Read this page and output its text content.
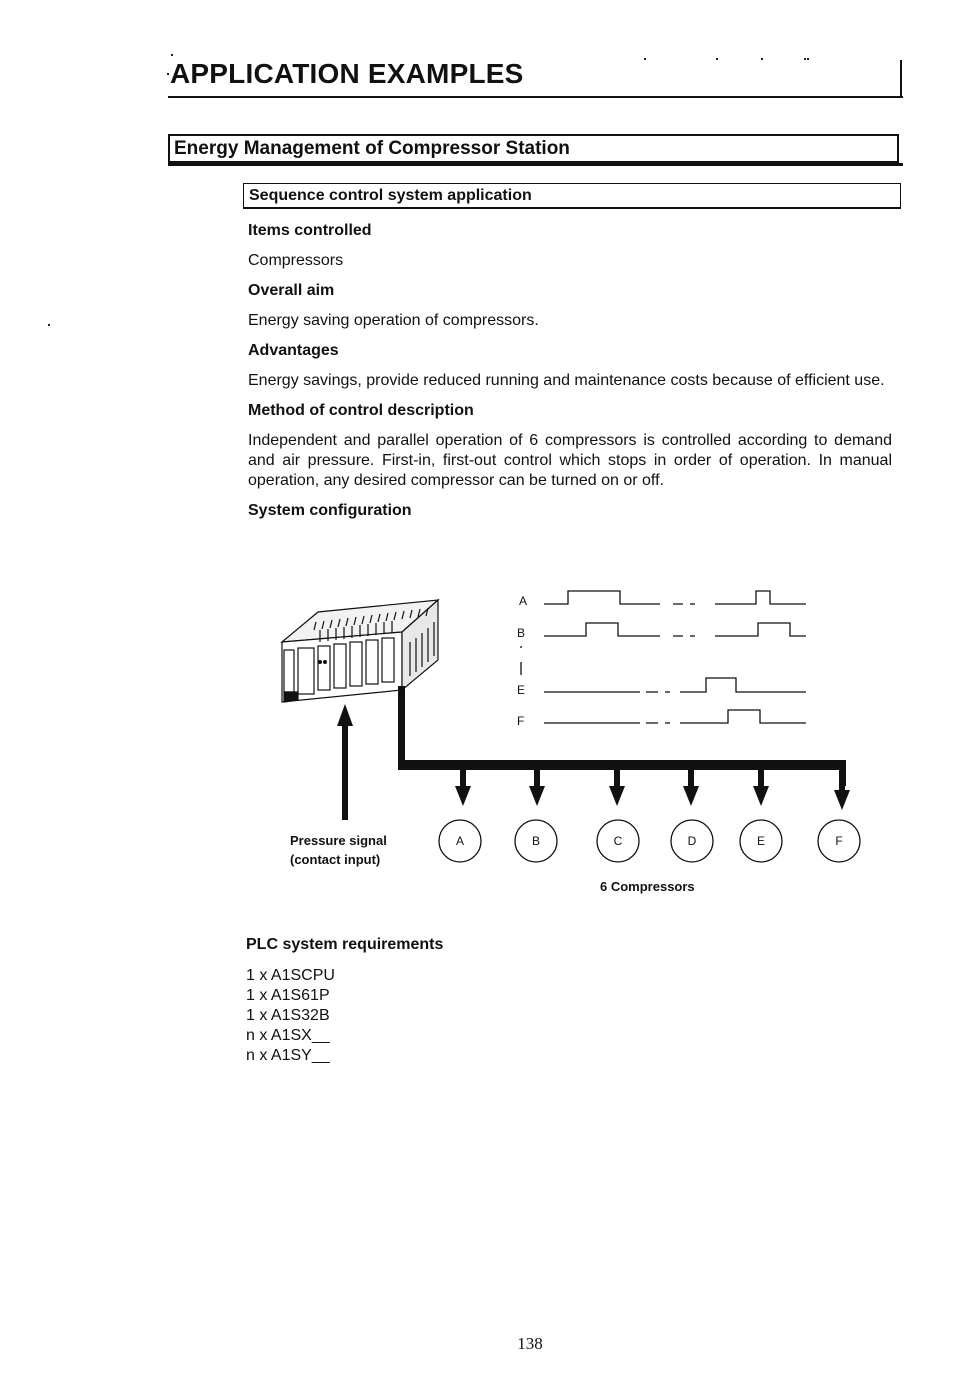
APPLICATION EXAMPLES
Energy Management of Compressor Station
Sequence control system application

Items controlled

Compressors

Overall aim

Energy saving operation of compressors.

Advantages

Energy savings, provide reduced running and maintenance costs because of efficient use.

Method of control description

Independent and parallel operation of 6 compressors is controlled according to demand and air pressure. First-in, first-out control which stops in order of operation. In manual operation, any desired compressor can be turned on or off.

System configuration

A
B
E
F
A	B	C	D	E	F
Pressure signal
(contact input)
6 Compressors
PLC system requirements
1 x A1SCPU
1 x A1S61P
1 x A1S32B
n x A1SX__
n x A1SY__
138
